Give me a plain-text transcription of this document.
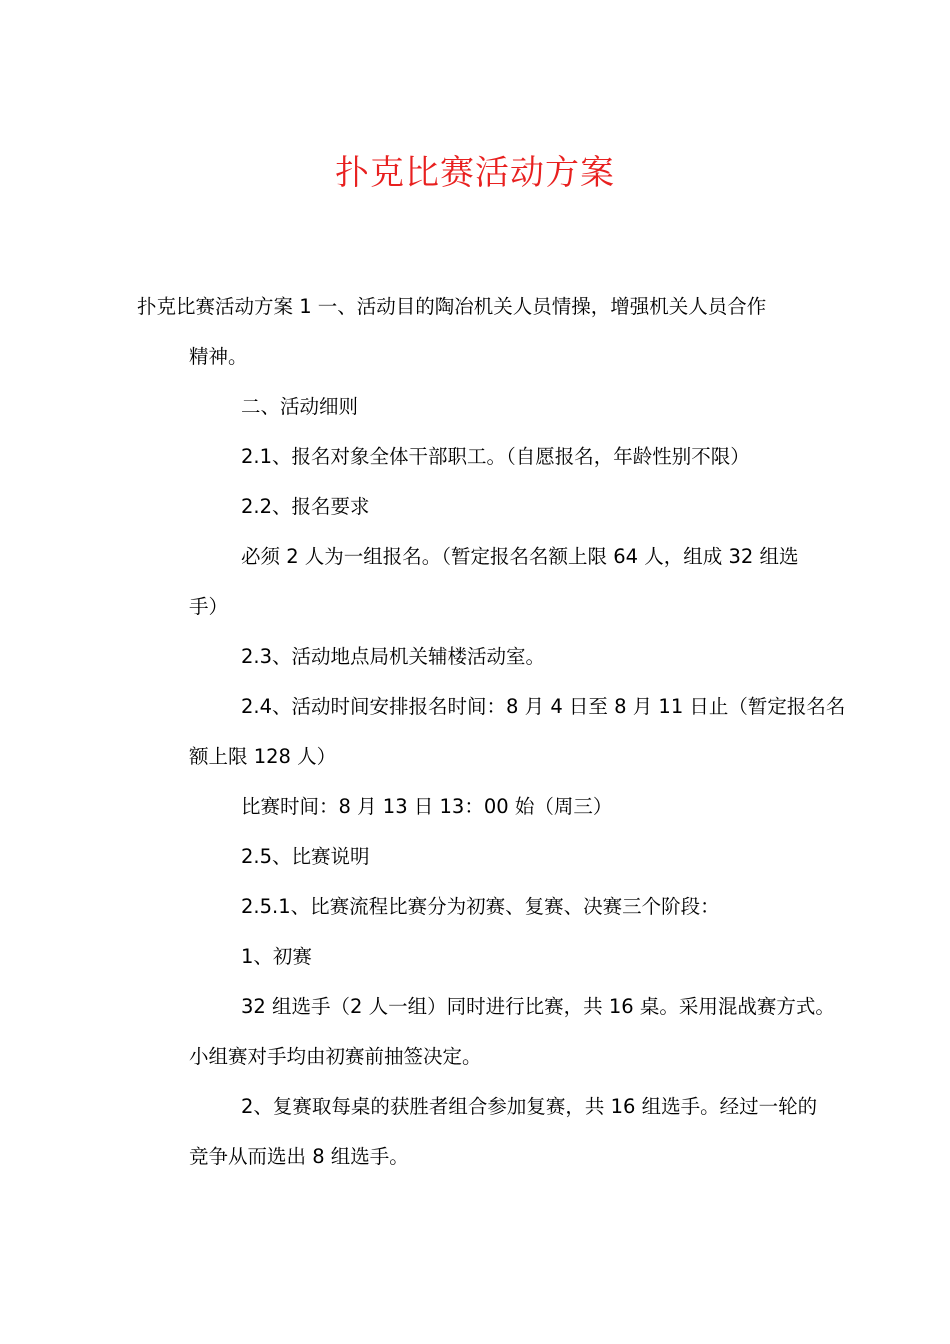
扑克比赛活动方案
扑克比赛活动方案 1 一、活动目的陶冶机关人员情操，增强机关人员合作
精神。
二、活动细则
2.1、报名对象全体干部职工。（自愿报名，年龄性别不限）
2.2、报名要求
必须 2 人为一组报名。（暂定报名名额上限 64 人，组成 32 组选
手）
2.3、活动地点局机关辅楼活动室。
2.4、活动时间安排报名时间：8 月 4 日至 8 月 11 日止（暂定报名名
额上限 128 人）
比赛时间：8 月 13 日 13：00 始（周三）
2.5、比赛说明
2.5.1、比赛流程比赛分为初赛、复赛、决赛三个阶段：
1、初赛
32 组选手（2 人一组）同时进行比赛，共 16 桌。采用混战赛方式。
小组赛对手均由初赛前抽签决定。
2、复赛取每桌的获胜者组合参加复赛，共 16 组选手。经过一轮的
竞争从而选出 8 组选手。
